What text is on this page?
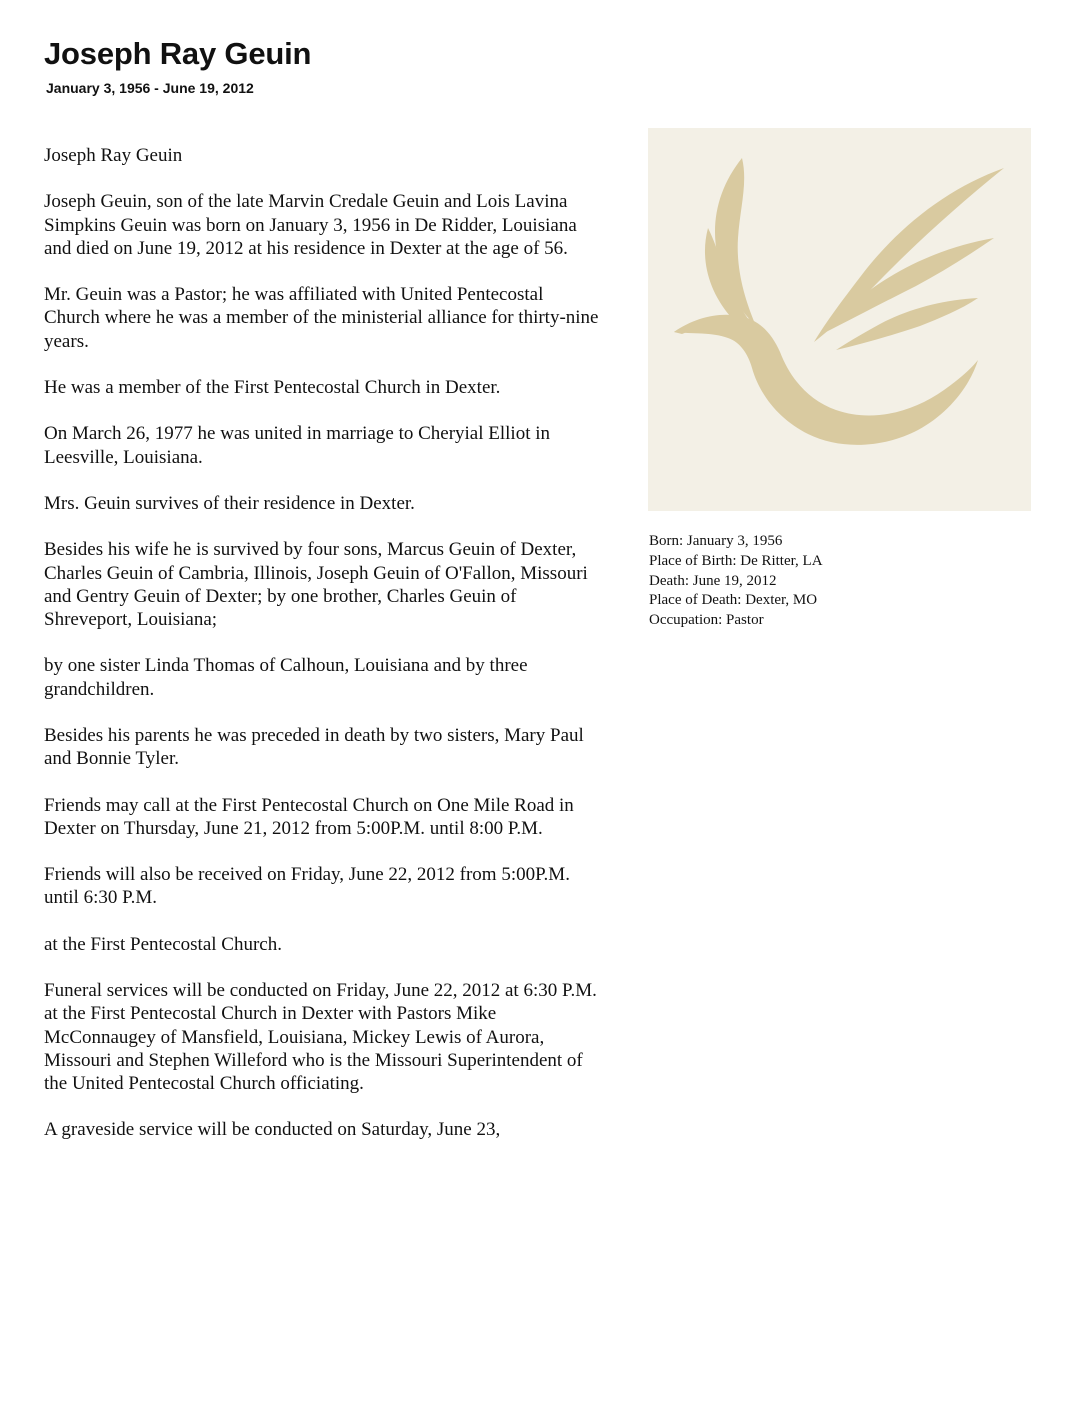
Joseph Ray Geuin
January 3, 1956 - June 19, 2012

Joseph Ray Geuin

Joseph Geuin, son of the late Marvin Credale Geuin and Lois Lavina Simpkins Geuin was born on January 3, 1956 in De Ridder, Louisiana and died on June 19, 2012 at his residence in Dexter at the age of 56.

Mr. Geuin was a Pastor; he was affiliated with United Pentecostal Church where he was a member of the ministerial alliance for thirty-nine years.

He was a member of the First Pentecostal Church in Dexter.

On March 26, 1977 he was united in marriage to Cheryial Elliot in Leesville, Louisiana.

Mrs. Geuin survives of their residence in Dexter.

Besides his wife he is survived by four sons, Marcus Geuin of Dexter, Charles Geuin of Cambria, Illinois, Joseph Geuin of O'Fallon, Missouri and Gentry Geuin of Dexter; by one brother, Charles Geuin of Shreveport, Louisiana;

by one sister Linda Thomas of Calhoun, Louisiana and by three grandchildren.

Besides his parents he was preceded in death by two sisters, Mary Paul and Bonnie Tyler.

Friends may call at the First Pentecostal Church on One Mile Road in Dexter on Thursday, June 21, 2012 from 5:00P.M. until 8:00 P.M.

Friends will also be received on Friday, June 22, 2012 from 5:00P.M. until 6:30 P.M.

at the First Pentecostal Church.

Funeral services will be conducted on Friday, June 22, 2012 at 6:30 P.M. at the First Pentecostal Church in Dexter with Pastors Mike McConnaugey of Mansfield, Louisiana, Mickey Lewis of Aurora, Missouri and Stephen Willeford who is the Missouri Superintendent of the United Pentecostal Church officiating.

A graveside service will be conducted on Saturday, June 23,

Born: January 3, 1956

Place of Birth: De Ritter, LA

Death: June 19, 2012

Place of Death: Dexter, MO

Occupation: Pastor
